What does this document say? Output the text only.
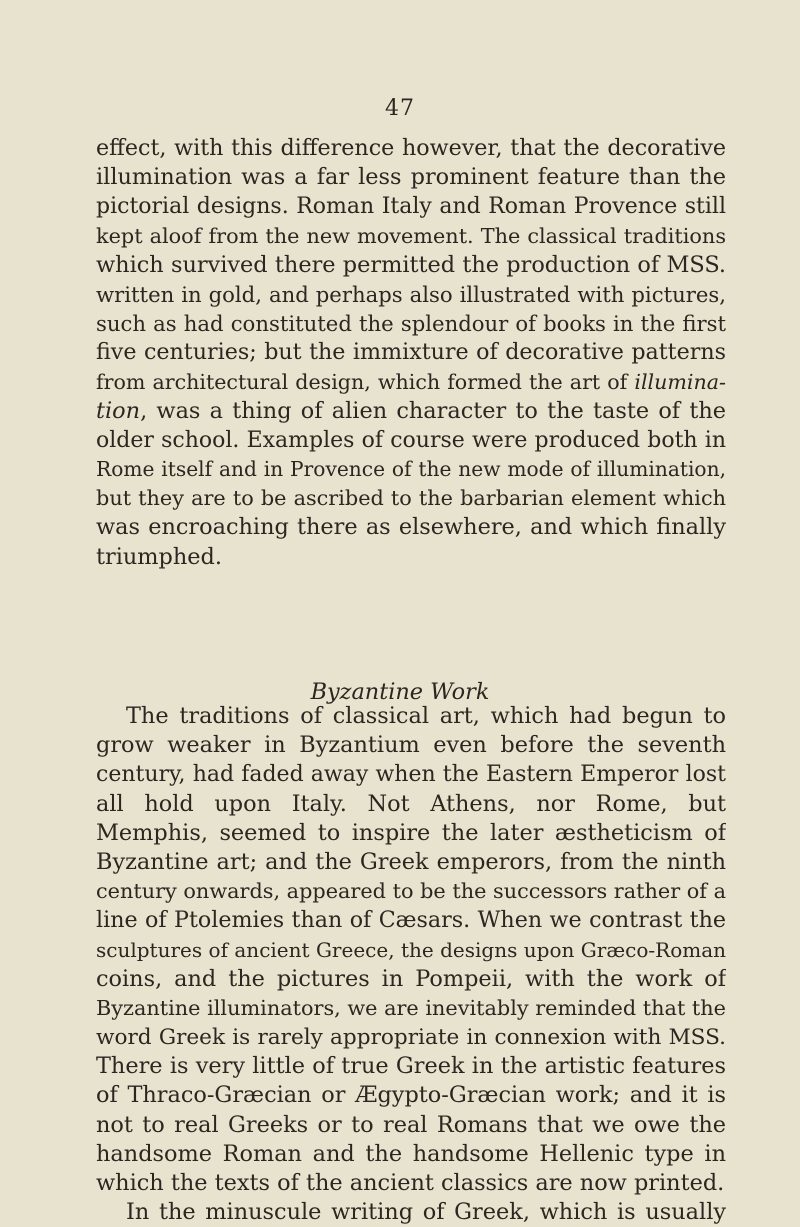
47
effect, with this difference however, that the decorative
illumination was a far less prominent feature than the
pictorial designs. Roman Italy and Roman Provence still
kept aloof from the new movement. The classical traditions
which survived there permitted the production of MSS.
written in gold, and perhaps also illustrated with pictures,
such as had constituted the splendour of books in the first
five centuries; but the immixture of decorative patterns
from architectural design, which formed the art of illumina-
tion, was a thing of alien character to the taste of the
older school. Examples of course were produced both in
Rome itself and in Provence of the new mode of illumination,
but they are to be ascribed to the barbarian element which
was encroaching there as elsewhere, and which finally
triumphed.
Byzantine Work
The traditions of classical art, which had begun to
grow weaker in Byzantium even before the seventh
century, had faded away when the Eastern Emperor lost
all hold upon Italy. Not Athens, nor Rome, but
Memphis, seemed to inspire the later æstheticism of
Byzantine art; and the Greek emperors, from the ninth
century onwards, appeared to be the successors rather of a
line of Ptolemies than of Cæsars. When we contrast the
sculptures of ancient Greece, the designs upon Græco-Roman
coins, and the pictures in Pompeii, with the work of
Byzantine illuminators, we are inevitably reminded that the
word Greek is rarely appropriate in connexion with MSS.
There is very little of true Greek in the artistic features
of Thraco-Græcian or Ægypto-Græcian work; and it is
not to real Greeks or to real Romans that we owe the
handsome Roman and the handsome Hellenic type in
which the texts of the ancient classics are now printed.
In the minuscule writing of Greek, which is usually
